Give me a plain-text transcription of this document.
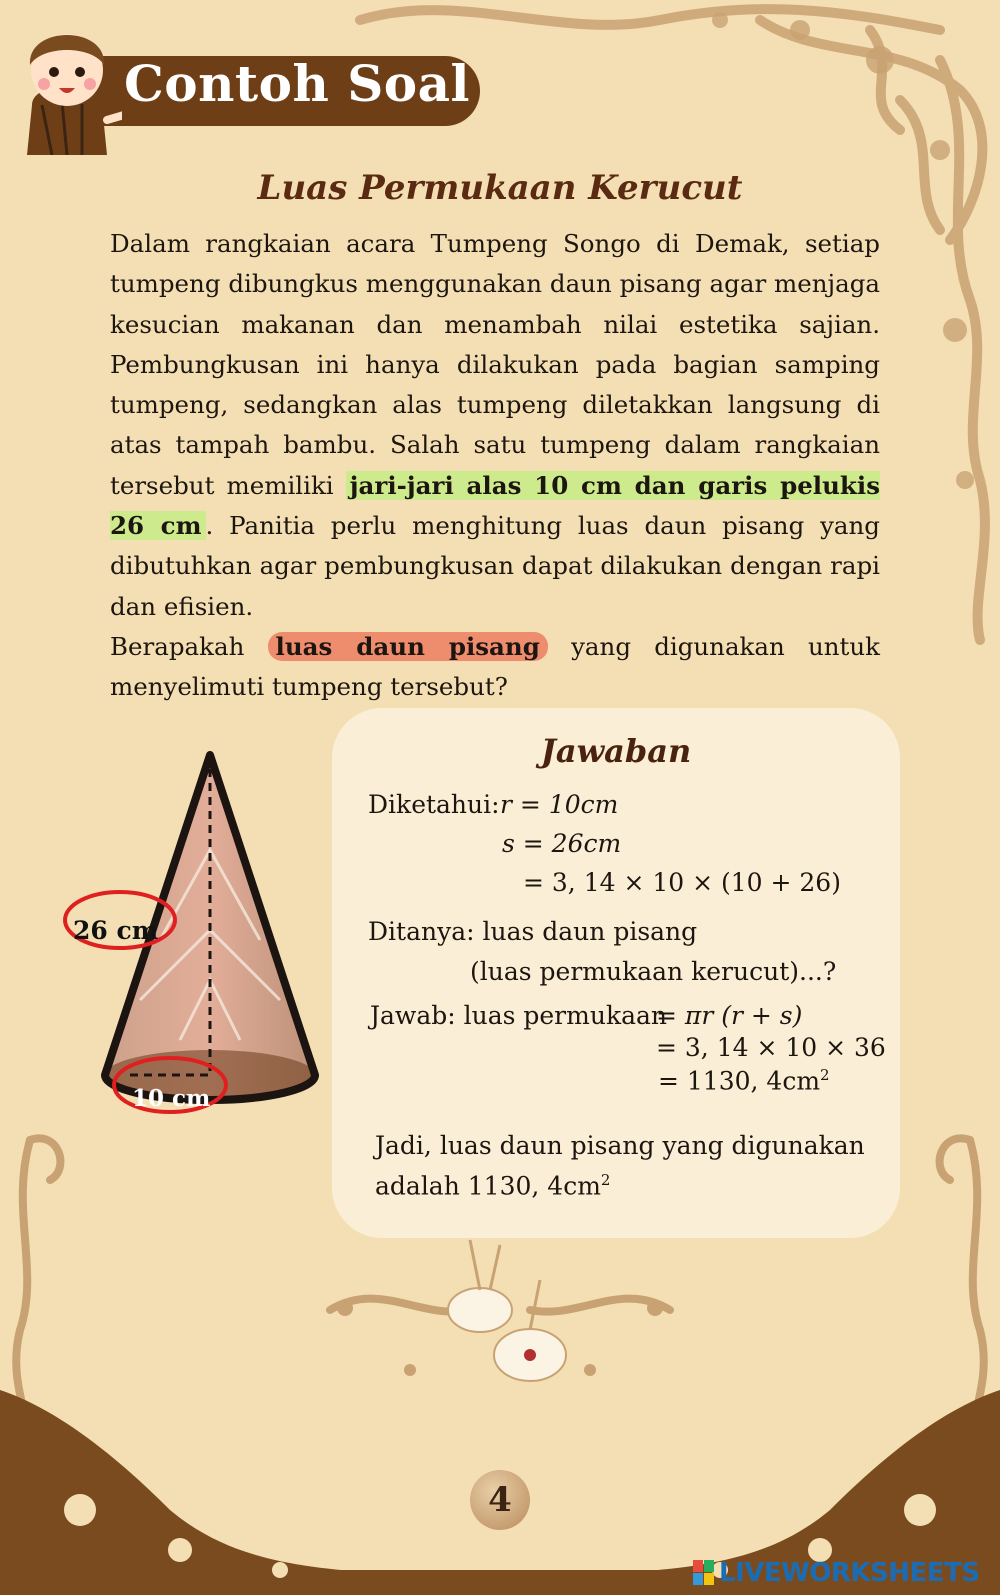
Contoh Soal
Luas Permukaan Kerucut
Dalam rangkaian acara Tumpeng Songo di Demak, setiap tumpeng dibungkus menggunakan daun pisang agar menjaga kesucian makanan dan menambah nilai estetika sajian. Pembungkusan ini hanya dilakukan pada bagian samping tumpeng, sedangkan alas tumpeng diletakkan langsung di atas tampah bambu. Salah satu tumpeng dalam rangkaian tersebut memiliki jari-jari alas 10 cm dan garis pelukis 26 cm . Panitia perlu menghitung luas daun pisang yang dibutuhkan agar pembungkusan dapat dilakukan dengan rapi dan efisien.
Berapakah luas daun pisang yang digunakan untuk menyelimuti tumpeng tersebut?
26 cm
10 cm
Jawaban
Diketahui: r = 10cm
s = 26cm
= 3, 14 × 10 × (10 + 26)
Ditanya: luas daun pisang
(luas permukaan kerucut)...?
Jawab: luas permukaan
= πr (r + s)
= 3, 14 × 10 × 36
= 1130, $4cm^2$
Jadi, luas daun pisang yang digunakan
adalah 1130, $4cm^2$
4
LIVEWORKSHEETS
